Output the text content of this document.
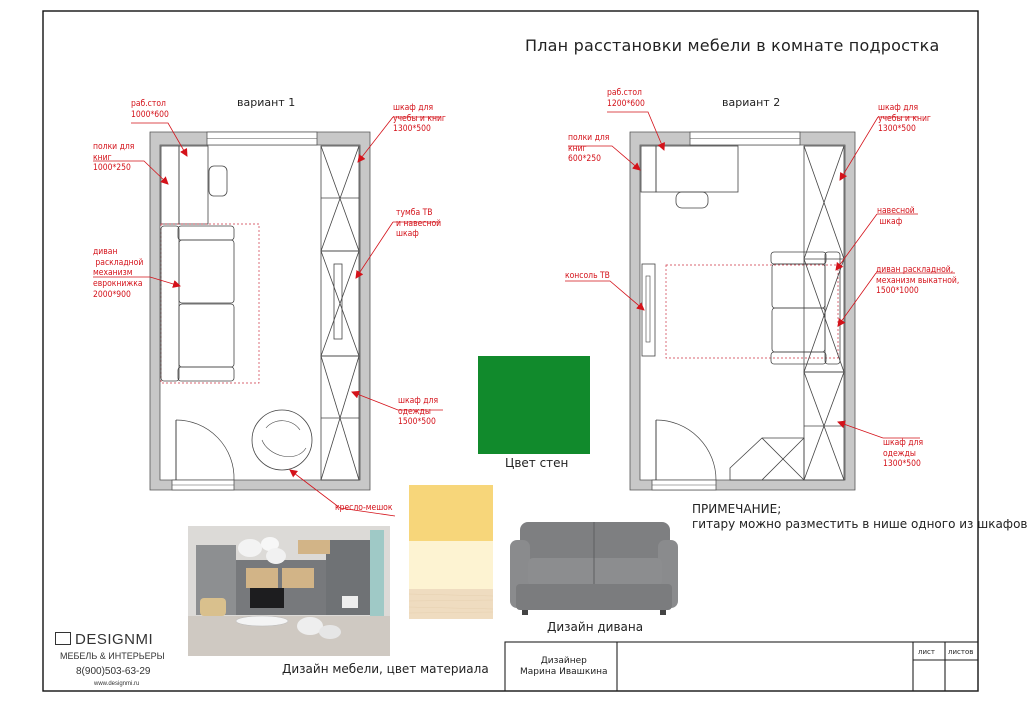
План расстановки мебели в комнате подростка
вариант 1	вариант 2
раб.стол
1000*600
полки для
книг
1000*250
диван
раскладной
механизм
еврокнижка
2000*900
шкаф для
учебы и книг
1300*500
тумба ТВ
и навесной
шкаф
шкаф для
одежды
1500*500
кресло-мешок
раб.стол
1200*600
полки для
книг
600*250
консоль ТВ
шкаф для
учебы и книг
1300*500
навесной
шкаф
диван раскладной,
механизм выкатной,
1500*1000
шкаф для
одежды
1300*500
Цвет стен
ПРИМЕЧАНИЕ;
гитару можно разместить в нише одного из шкафов
Дизайн мебели, цвет материала
Дизайн дивана
DESIGNMI
МЕБЕЛЬ & ИНТЕРЬЕРЫ
8(900)503-63-29
www.designmi.ru
Дизайнер
Марина Ивашкина
лист листов
